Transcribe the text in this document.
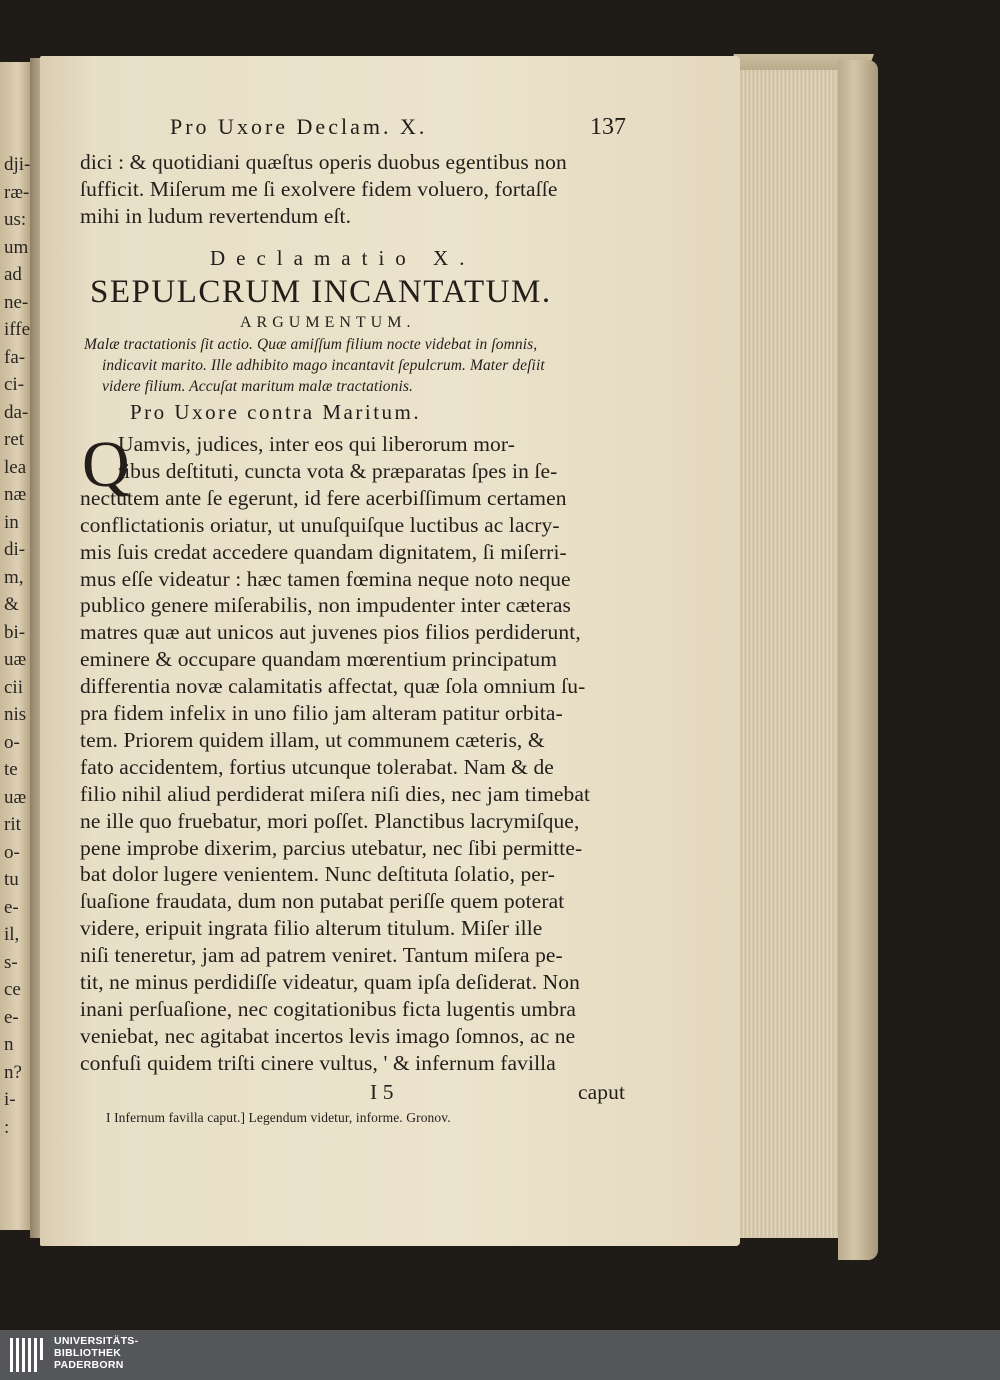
dji-
ræ-
us:
um
ad
ne-
iffe
fa-
ci-
da-
ret
lea
næ
in
di-
m,
&
bi-
uæ
cii
nis
o-
te
uæ
rit
o-
tu
e-
il,
s-
ce
e-
n
n?
i-
:
Pro Uxore Declam. X.	137
dici : & quotidiani quæſtus operis duobus egentibus non
ſufficit. Miſerum me ſi exolvere fidem voluero, fortaſſe
mihi in ludum revertendum eſt.
Declamatio X.
SEPULCRUM INCANTATUM.
ARGUMENTUM.
Malæ tractationis ſit actio. Quæ amiſſum filium nocte videbat in ſomnis,
indicavit marito. Ille adhibito mago incantavit ſepulcrum. Mater deſiit
videre filium. Accuſat maritum malæ tractationis.
Pro Uxore contra Maritum.
Q
Uamvis, judices, inter eos qui liberorum mor-
tibus deſtituti, cuncta vota & præparatas ſpes in ſe-
nectutem ante ſe egerunt, id fere acerbiſſimum certamen
conflictationis oriatur, ut unuſquiſque luctibus ac lacry-
mis ſuis credat accedere quandam dignitatem, ſi miſerri-
mus eſſe videatur : hæc tamen fœmina neque noto neque
publico genere miſerabilis, non impudenter inter cæteras
matres quæ aut unicos aut juvenes pios filios perdiderunt,
eminere & occupare quandam mœrentium principatum
differentia novæ calamitatis affectat, quæ ſola omnium ſu-
pra fidem infelix in uno filio jam alteram patitur orbita-
tem. Priorem quidem illam, ut communem cæteris, &
fato accidentem, fortius utcunque tolerabat. Nam & de
filio nihil aliud perdiderat miſera niſi dies, nec jam timebat
ne ille quo fruebatur, mori poſſet. Planctibus lacrymiſque,
pene improbe dixerim, parcius utebatur, nec ſibi permitte-
bat dolor lugere venientem. Nunc deſtituta ſolatio, per-
ſuaſione fraudata, dum non putabat periſſe quem poterat
videre, eripuit ingrata filio alterum titulum. Miſer ille
niſi teneretur, jam ad patrem veniret. Tantum miſera pe-
tit, ne minus perdidiſſe videatur, quam ipſa deſiderat. Non
inani perſuaſione, nec cogitationibus ficta lugentis umbra
veniebat, nec agitabat incertos levis imago ſomnos, ac ne
confuſi quidem triſti cinere vultus, ' & infernum favilla
I 5	caput
I Infernum favilla caput.] Legendum videtur, informe. Gronov.
UNIVERSITÄTS-
BIBLIOTHEK
PADERBORN
